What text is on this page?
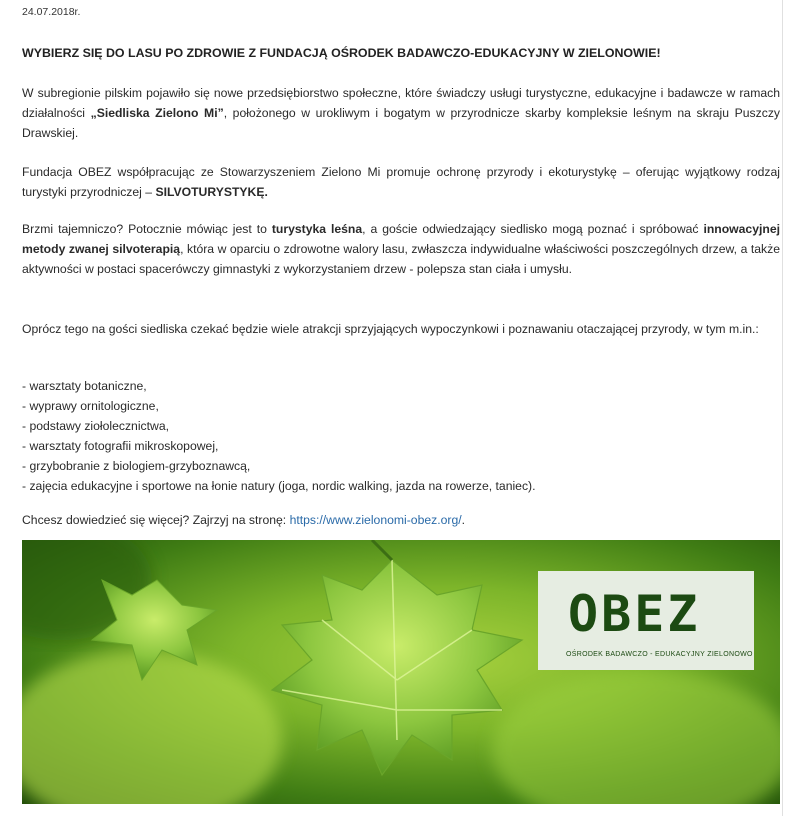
24.07.2018r.
WYBIERZ SIĘ DO LASU PO ZDROWIE Z FUNDACJĄ OŚRODEK BADAWCZO-EDUKACYJNY W ZIELONOWIE!
W subregionie pilskim pojawiło się nowe przedsiębiorstwo społeczne, które świadczy usługi turystyczne, edukacyjne i badawcze w ramach działalności „Siedliska Zielono Mi”, położonego w urokliwym i bogatym w przyrodnicze skarby kompleksie leśnym na skraju Puszczy Drawskiej.
Fundacja OBEZ współpracując ze Stowarzyszeniem Zielono Mi promuje ochronę przyrody i ekoturystykę – oferując wyjątkowy rodzaj turystyki przyrodniczej – SILVOTURYSTYKĘ.
Brzmi tajemniczo? Potocznie mówiąc jest to turystyka leśna, a goście odwiedzający siedlisko mogą poznać i spróbować innowacyjnej metody zwanej silvoterapią, która w oparciu o zdrowotne walory lasu, zwłaszcza indywidualne właściwości poszczególnych drzew, a także aktywności w postaci spacerówczy gimnastyki z wykorzystaniem drzew - polepsza stan ciała i umysłu.
Oprócz tego na gości siedliska czekać będzie wiele atrakcji sprzyjających wypoczynkowi i poznawaniu otaczającej przyrody, w tym m.in.:
- warsztaty botaniczne,
- wyprawy ornitologiczne,
- podstawy ziołolecznictwa,
- warsztaty fotografii mikroskopowej,
- grzybobranie z biologiem-grzyboznawcą,
- zajęcia edukacyjne i sportowe na łonie natury (joga, nordic walking, jazda na rowerze, taniec).
Chcesz dowiedzieć się więcej? Zajrzyj na stronę: https://www.zielonomi-obez.org/.
OBEZ
OŚRODEK BADAWCZO - EDUKACYJNY ZIELONOWO
